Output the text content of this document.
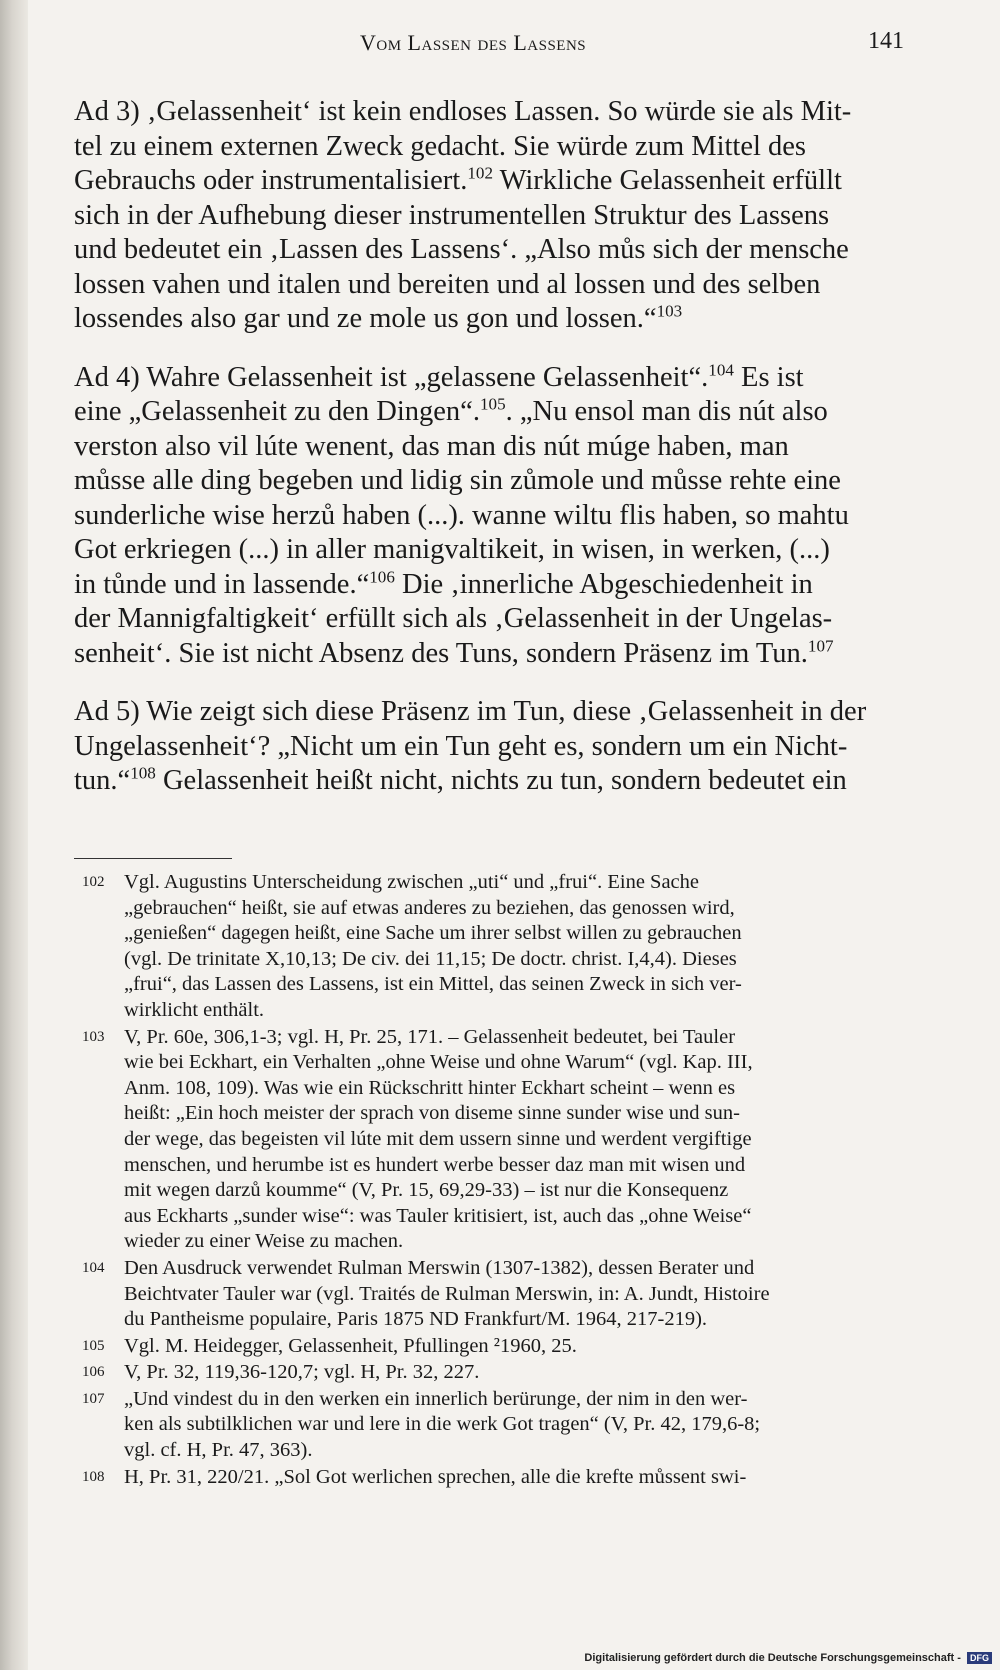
Vom Lassen des Lassens	141

Ad 3) ‚Gelassenheit‘ ist kein endloses Lassen. So würde sie als Mit-
tel zu einem externen Zweck gedacht. Sie würde zum Mittel des
Gebrauchs oder instrumentalisiert.$^{102}$ Wirkliche Gelassenheit erfüllt
sich in der Aufhebung dieser instrumentellen Struktur des Lassens
und bedeutet ein ‚Lassen des Lassens‘. „Also můs sich der mensche
lossen vahen und italen und bereiten und al lossen und des selben
lossendes also gar und ze mole us gon und lossen.“$^{103}$

Ad 4) Wahre Gelassenheit ist „gelassene Gelassenheit“.$^{104}$ Es ist
eine „Gelassenheit zu den Dingen“.$^{105}$. „Nu ensol man dis nút also
verston also vil lúte wenent, das man dis nút múge haben, man
můsse alle ding begeben und lidig sin zůmole und můsse rehte eine
sunderliche wise herzů haben (...). wanne wiltu flis haben, so mahtu
Got erkriegen (...) in aller manigvaltikeit, in wisen, in werken, (...)
in tůnde und in lassende.“$^{106}$ Die ‚innerliche Abgeschiedenheit in
der Mannigfaltigkeit‘ erfüllt sich als ‚Gelassenheit in der Ungelas-
senheit‘. Sie ist nicht Absenz des Tuns, sondern Präsenz im Tun.$^{107}$

Ad 5) Wie zeigt sich diese Präsenz im Tun, diese ‚Gelassenheit in der
Ungelassenheit‘? „Nicht um ein Tun geht es, sondern um ein Nicht-
tun.“$^{108}$ Gelassenheit heißt nicht, nichts zu tun, sondern bedeutet ein

102 Vgl. Augustins Unterscheidung zwischen „uti“ und „frui“. Eine Sache
„gebrauchen“ heißt, sie auf etwas anderes zu beziehen, das genossen wird,
„genießen“ dagegen heißt, eine Sache um ihrer selbst willen zu gebrauchen
(vgl. De trinitate X,10,13; De civ. dei 11,15; De doctr. christ. I,4,4). Dieses
„frui“, das Lassen des Lassens, ist ein Mittel, das seinen Zweck in sich ver-
wirklicht enthält.
103 V, Pr. 60e, 306,1-3; vgl. H, Pr. 25, 171. – Gelassenheit bedeutet, bei Tauler
wie bei Eckhart, ein Verhalten „ohne Weise und ohne Warum“ (vgl. Kap. III,
Anm. 108, 109). Was wie ein Rückschritt hinter Eckhart scheint – wenn es
heißt: „Ein hoch meister der sprach von diseme sinne sunder wise und sun-
der wege, das begeisten vil lúte mit dem ussern sinne und werdent vergiftige
menschen, und herumbe ist es hundert werbe besser daz man mit wisen und
mit wegen darzů koumme“ (V, Pr. 15, 69,29-33) – ist nur die Konsequenz
aus Eckharts „sunder wise“: was Tauler kritisiert, ist, auch das „ohne Weise“
wieder zu einer Weise zu machen.
104 Den Ausdruck verwendet Rulman Merswin (1307-1382), dessen Berater und
Beichtvater Tauler war (vgl. Traités de Rulman Merswin, in: A. Jundt, Histoire
du Pantheisme populaire, Paris 1875 ND Frankfurt/M. 1964, 217-219).
105 Vgl. M. Heidegger, Gelassenheit, Pfullingen ²1960, 25.
106 V, Pr. 32, 119,36-120,7; vgl. H, Pr. 32, 227.
107 „Und vindest du in den werken ein innerlich berürunge, der nim in den wer-
ken als subtilklichen war und lere in die werk Got tragen“ (V, Pr. 42, 179,6-8;
vgl. cf. H, Pr. 47, 363).
108 H, Pr. 31, 220/21. „Sol Got werlichen sprechen, alle die krefte můssent swi-
Digitalisierung gefördert durch die Deutsche Forschungsgemeinschaft - DFG
